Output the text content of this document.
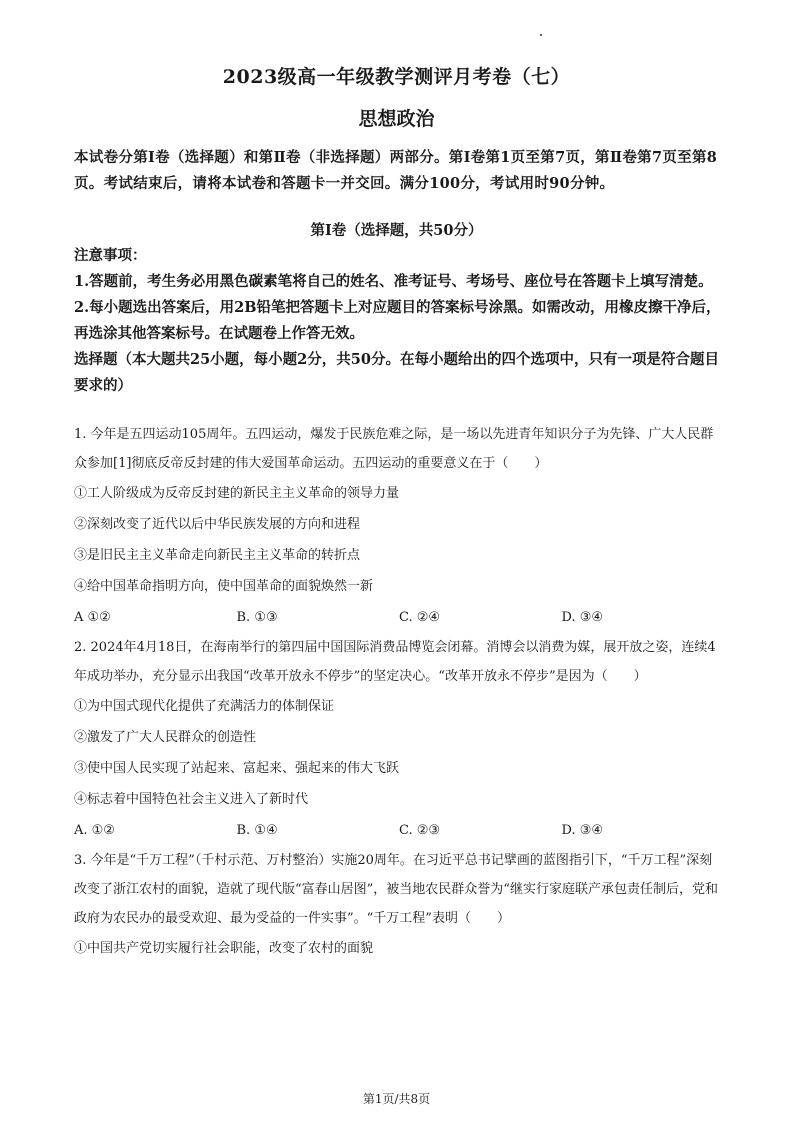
2023级高一年级教学测评月考卷（七）
思想政治
本试卷分第Ⅰ卷（选择题）和第Ⅱ卷（非选择题）两部分。第Ⅰ卷第1页至第7页，第Ⅱ卷第7页至第8页。考试结束后，请将本试卷和答题卡一并交回。满分100分，考试用时90分钟。
第Ⅰ卷（选择题，共50分）

注意事项：

1.答题前，考生务必用黑色碳素笔将自己的姓名、准考证号、考场号、座位号在答题卡上填写清楚。

2.每小题选出答案后，用2B铅笔把答题卡上对应题目的答案标号涂黑。如需改动，用橡皮擦干净后，再选涂其他答案标号。在试题卷上作答无效。

选择题（本大题共25小题，每小题2分，共50分。在每小题给出的四个选项中，只有一项是符合题目要求的）

1. 今年是五四运动105周年。五四运动，爆发于民族危难之际，是一场以先进青年知识分子为先锋、广大人民群众参加[1]彻底反帝反封建的伟大爱国革命运动。五四运动的重要意义在于（　　）

①工人阶级成为反帝反封建的新民主主义革命的领导力量

②深刻改变了近代以后中华民族发展的方向和进程

③是旧民主主义革命走向新民主主义革命的转折点

④给中国革命指明方向，使中国革命的面貌焕然一新

A ①②	B. ①③	C. ②④	D. ③④

2. 2024年4月18日，在海南举行的第四届中国国际消费品博览会闭幕。消博会以消费为媒，展开放之姿，连续4年成功举办，充分显示出我国“改革开放永不停步”的坚定决心。“改革开放永不停步”是因为（　　）

①为中国式现代化提供了充满活力的体制保证

②激发了广大人民群众的创造性

③使中国人民实现了站起来、富起来、强起来的伟大飞跃

④标志着中国特色社会主义进入了新时代

A. ①②	B. ①④	C. ②③	D. ③④

3. 今年是“千万工程”（千村示范、万村整治）实施20周年。在习近平总书记擘画的蓝图指引下，“千万工程”深刻改变了浙江农村的面貌，造就了现代版“富春山居图”，被当地农民群众誉为“继实行家庭联产承包责任制后，党和政府为农民办的最受欢迎、最为受益的一件实事”。“千万工程”表明（　　）

①中国共产党切实履行社会职能，改变了农村的面貌

第1页/共8页
